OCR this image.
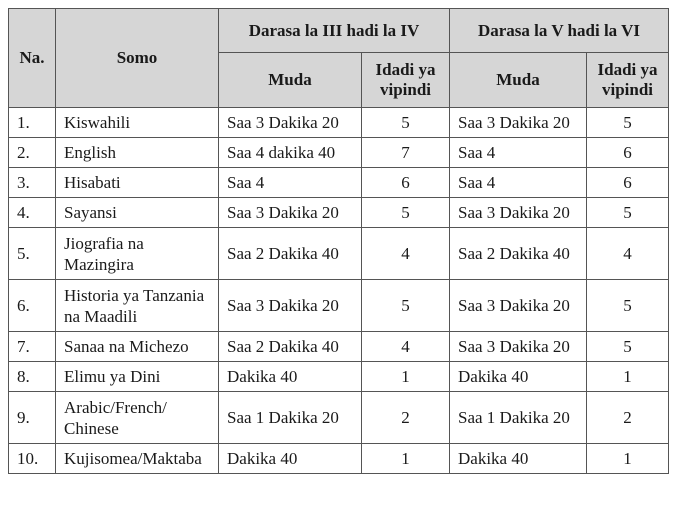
Na.	Somo	Darasa la III hadi la IV		Darasa la V hadi la VI	
		Muda	Idadi ya vipindi	Muda	Idadi ya vipindi
1.	Kiswahili	Saa 3 Dakika 20	5	Saa 3 Dakika 20	5
2.	English	Saa 4 dakika 40	7	Saa 4	6
3.	Hisabati	Saa 4	6	Saa 4	6
4.	Sayansi	Saa 3 Dakika 20	5	Saa 3 Dakika 20	5
5.	Jiografia na Mazingira	Saa 2 Dakika 40	4	Saa 2 Dakika 40	4
6.	Historia ya Tanzania na Maadili	Saa 3 Dakika 20	5	Saa 3 Dakika 20	5
7.	Sanaa na Michezo	Saa 2 Dakika 40	4	Saa 3 Dakika 20	5
8.	Elimu ya Dini	Dakika 40	1	Dakika 40	1
9.	Arabic/French/ Chinese	Saa 1 Dakika 20	2	Saa 1 Dakika 20	2
10.	Kujisomea/Maktaba	Dakika 40	1	Dakika 40	1
